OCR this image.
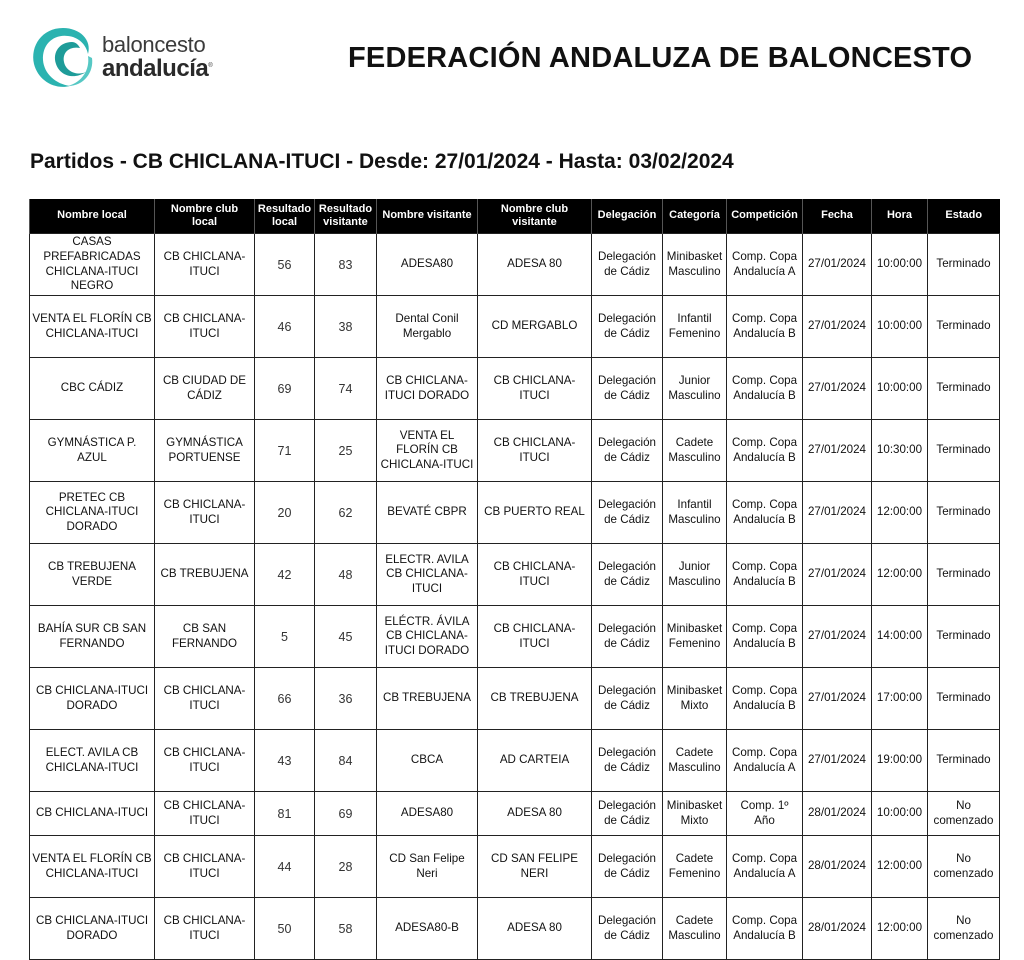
baloncesto
andalucía®	FEDERACIÓN ANDALUZA DE BALONCESTO
Partidos - CB CHICLANA-ITUCI - Desde: 27/01/2024 - Hasta: 03/02/2024
Nombre local	Nombre club local	Resultado local	Resultado visitante	Nombre visitante	Nombre club visitante	Delegación	Categoría	Competición	Fecha	Hora	Estado
CASAS PREFABRICADAS CHICLANA-ITUCI NEGRO	CB CHICLANA-ITUCI	56	83	ADESA80	ADESA 80	Delegación de Cádiz	Minibasket Masculino	Comp. Copa Andalucía A	27/01/2024	10:00:00	Terminado
VENTA EL FLORÍN CB CHICLANA-ITUCI	CB CHICLANA-ITUCI	46	38	Dental Conil Mergablo	CD MERGABLO	Delegación de Cádiz	Infantil Femenino	Comp. Copa Andalucía B	27/01/2024	10:00:00	Terminado
CBC CÁDIZ	CB CIUDAD DE CÁDIZ	69	74	CB CHICLANA-ITUCI DORADO	CB CHICLANA-ITUCI	Delegación de Cádiz	Junior Masculino	Comp. Copa Andalucía B	27/01/2024	10:00:00	Terminado
GYMNÁSTICA P. AZUL	GYMNÁSTICA PORTUENSE	71	25	VENTA EL FLORÍN CB CHICLANA-ITUCI	CB CHICLANA-ITUCI	Delegación de Cádiz	Cadete Masculino	Comp. Copa Andalucía B	27/01/2024	10:30:00	Terminado
PRETEC CB CHICLANA-ITUCI DORADO	CB CHICLANA-ITUCI	20	62	BEVATÉ CBPR	CB PUERTO REAL	Delegación de Cádiz	Infantil Masculino	Comp. Copa Andalucía B	27/01/2024	12:00:00	Terminado
CB TREBUJENA VERDE	CB TREBUJENA	42	48	ELECTR. AVILA CB CHICLANA-ITUCI	CB CHICLANA-ITUCI	Delegación de Cádiz	Junior Masculino	Comp. Copa Andalucía B	27/01/2024	12:00:00	Terminado
BAHÍA SUR CB SAN FERNANDO	CB SAN FERNANDO	5	45	ELÉCTR. ÁVILA CB CHICLANA-ITUCI DORADO	CB CHICLANA-ITUCI	Delegación de Cádiz	Minibasket Femenino	Comp. Copa Andalucía B	27/01/2024	14:00:00	Terminado
CB CHICLANA-ITUCI DORADO	CB CHICLANA-ITUCI	66	36	CB TREBUJENA	CB TREBUJENA	Delegación de Cádiz	Minibasket Mixto	Comp. Copa Andalucía B	27/01/2024	17:00:00	Terminado
ELECT. AVILA CB CHICLANA-ITUCI	CB CHICLANA-ITUCI	43	84	CBCA	AD CARTEIA	Delegación de Cádiz	Cadete Masculino	Comp. Copa Andalucía A	27/01/2024	19:00:00	Terminado
CB CHICLANA-ITUCI	CB CHICLANA-ITUCI	81	69	ADESA80	ADESA 80	Delegación de Cádiz	Minibasket Mixto	Comp. 1º Año	28/01/2024	10:00:00	No comenzado
VENTA EL FLORÍN CB CHICLANA-ITUCI	CB CHICLANA-ITUCI	44	28	CD San Felipe Neri	CD SAN FELIPE NERI	Delegación de Cádiz	Cadete Femenino	Comp. Copa Andalucía A	28/01/2024	12:00:00	No comenzado
CB CHICLANA-ITUCI DORADO	CB CHICLANA-ITUCI	50	58	ADESA80-B	ADESA 80	Delegación de Cádiz	Cadete Masculino	Comp. Copa Andalucía B	28/01/2024	12:00:00	No comenzado
